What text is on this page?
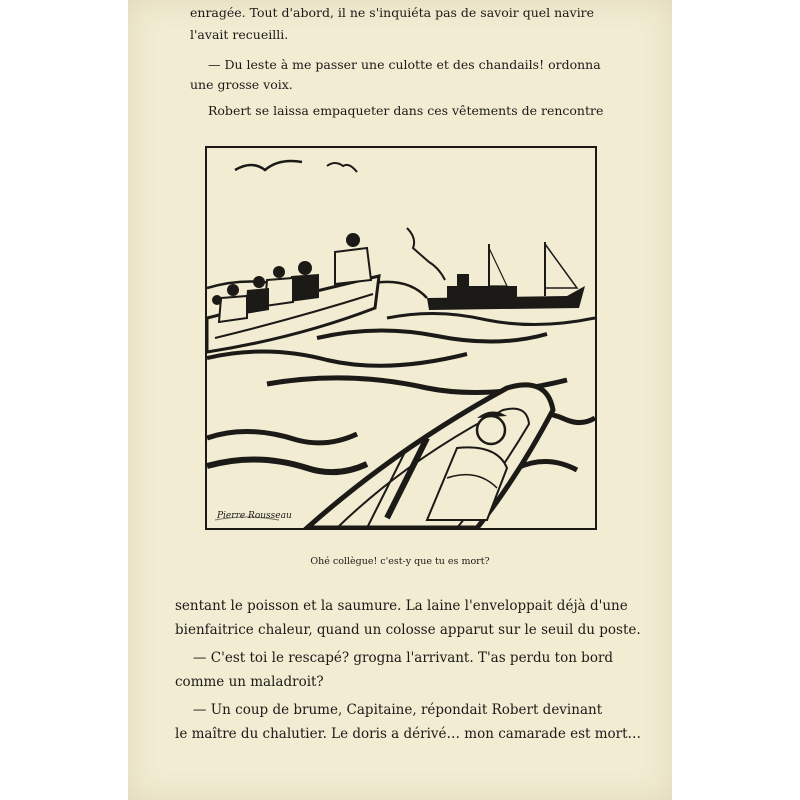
enragée. Tout d'abord, il ne s'inquiéta pas de savoir quel navire

l'avait recueilli.

— Du leste à me passer une culotte et des chandails! ordonna

une grosse voix.

Robert se laissa empaqueter dans ces vêtements de rencontre

Pierre Rousseau

Ohé collègue! c'est-y que tu es mort?

sentant le poisson et la saumure. La laine l'enveloppait déjà d'une

bienfaitrice chaleur, quand un colosse apparut sur le seuil du poste.

— C'est toi le rescapé? grogna l'arrivant. T'as perdu ton bord

comme un maladroit?

— Un coup de brume, Capitaine, répondait Robert devinant

le maître du chalutier. Le doris a dérivé… mon camarade est mort…
